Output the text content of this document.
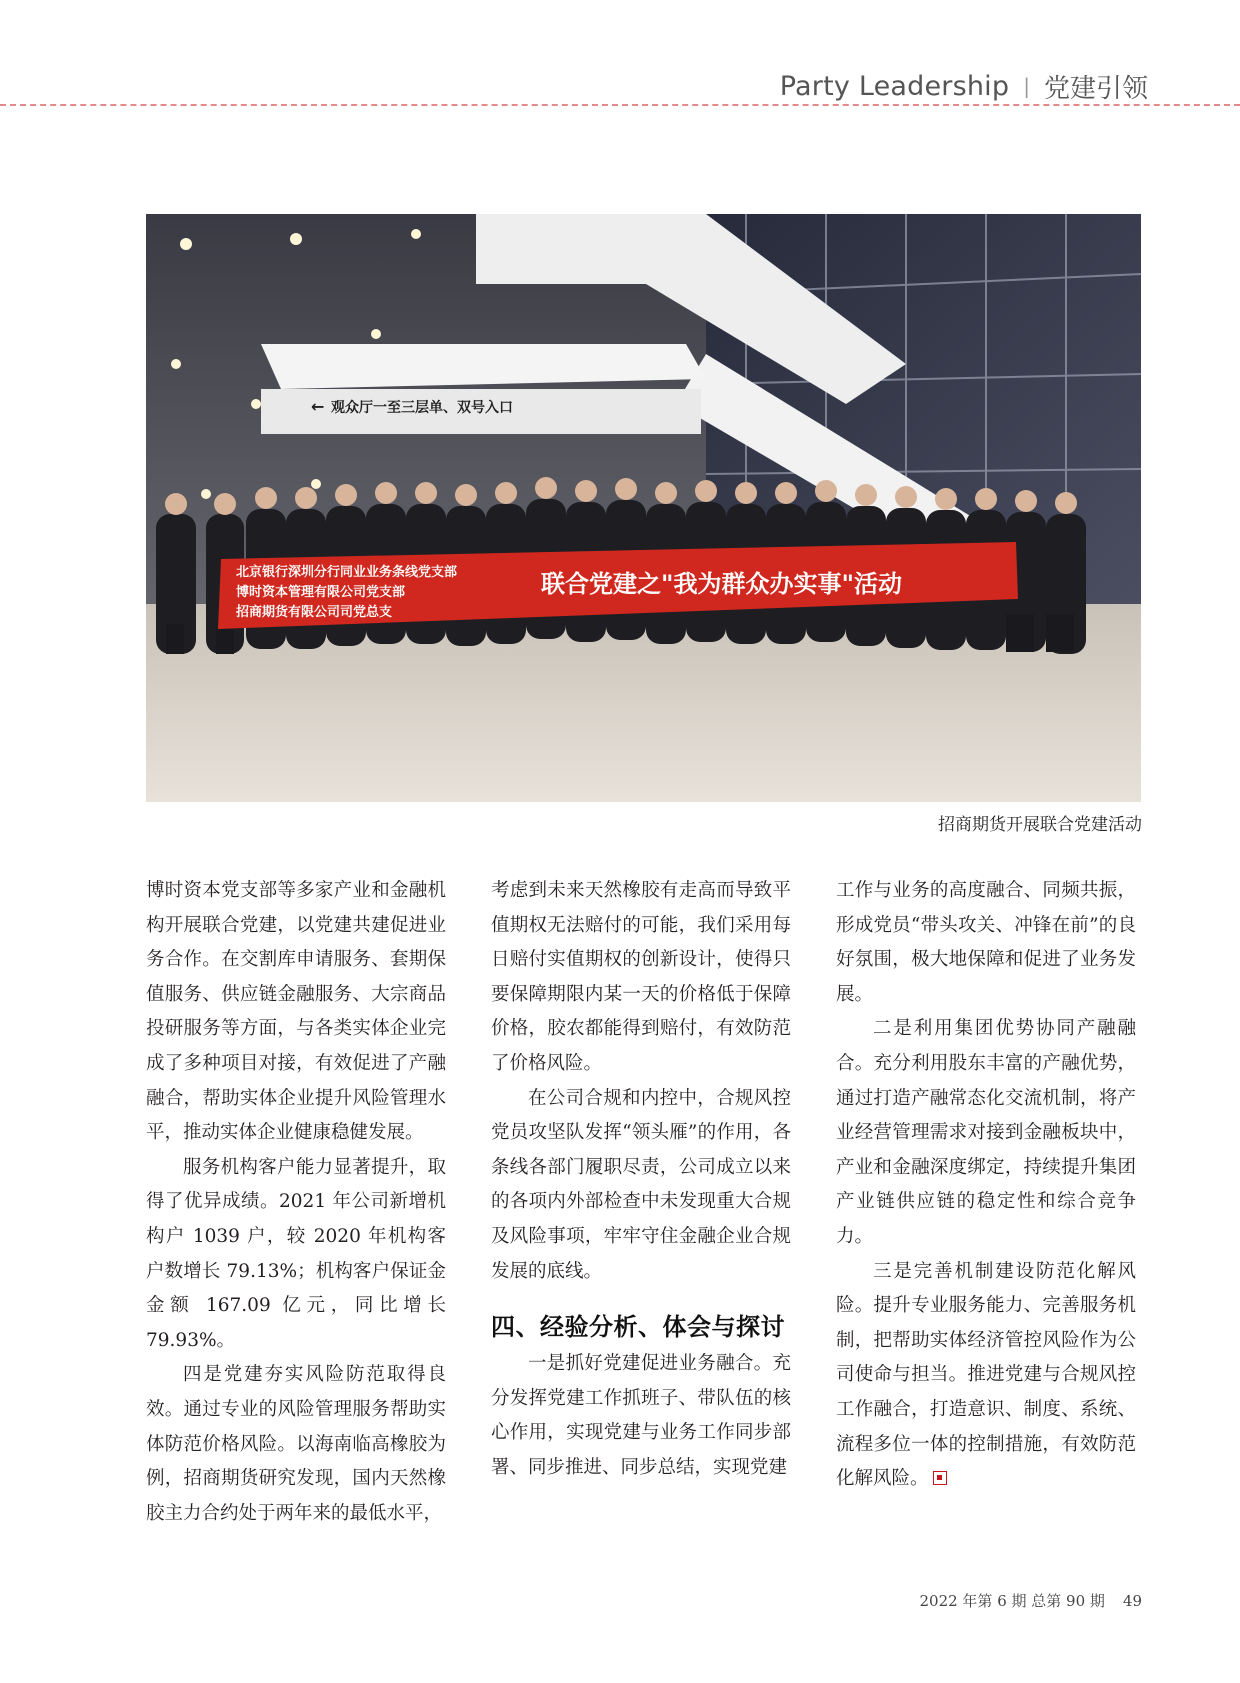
Party Leadership | 党建引领
← 观众厅一至三层单、双号入口
北京银行深圳分行同业业务条线党支部
博时资本管理有限公司党支部
招商期货有限公司司党总支
联合党建之"我为群众办实事"活动
招商期货开展联合党建活动

博时资本党支部等多家产业和金融机构开展联合党建，以党建共建促进业务合作。在交割库申请服务、套期保值服务、供应链金融服务、大宗商品投研服务等方面，与各类实体企业完成了多种项目对接，有效促进了产融融合，帮助实体企业提升风险管理水平，推动实体企业健康稳健发展。

服务机构客户能力显著提升，取得了优异成绩。2021 年公司新增机构户 1039 户，较 2020 年机构客户数增长 79.13%；机构客户保证金金额 167.09 亿元，同比增长 79.93%。

四是党建夯实风险防范取得良效。通过专业的风险管理服务帮助实体防范价格风险。以海南临高橡胶为例，招商期货研究发现，国内天然橡胶主力合约处于两年来的最低水平，

考虑到未来天然橡胶有走高而导致平值期权无法赔付的可能，我们采用每日赔付实值期权的创新设计，使得只要保障期限内某一天的价格低于保障价格，胶农都能得到赔付，有效防范了价格风险。

在公司合规和内控中，合规风控党员攻坚队发挥“领头雁”的作用，各条线各部门履职尽责，公司成立以来的各项内外部检查中未发现重大合规及风险事项，牢牢守住金融企业合规发展的底线。

四、经验分析、体会与探讨

一是抓好党建促进业务融合。充分发挥党建工作抓班子、带队伍的核心作用，实现党建与业务工作同步部署、同步推进、同步总结，实现党建

工作与业务的高度融合、同频共振，形成党员“带头攻关、冲锋在前”的良好氛围，极大地保障和促进了业务发展。

二是利用集团优势协同产融融合。充分利用股东丰富的产融优势，通过打造产融常态化交流机制，将产业经营管理需求对接到金融板块中，产业和金融深度绑定，持续提升集团产业链供应链的稳定性和综合竞争力。

三是完善机制建设防范化解风险。提升专业服务能力、完善服务机制，把帮助实体经济管控风险作为公司使命与担当。推进党建与合规风控工作融合，打造意识、制度、系统、流程多位一体的控制措施，有效防范化解风险。

2022 年第 6 期 总第 90 期 49
